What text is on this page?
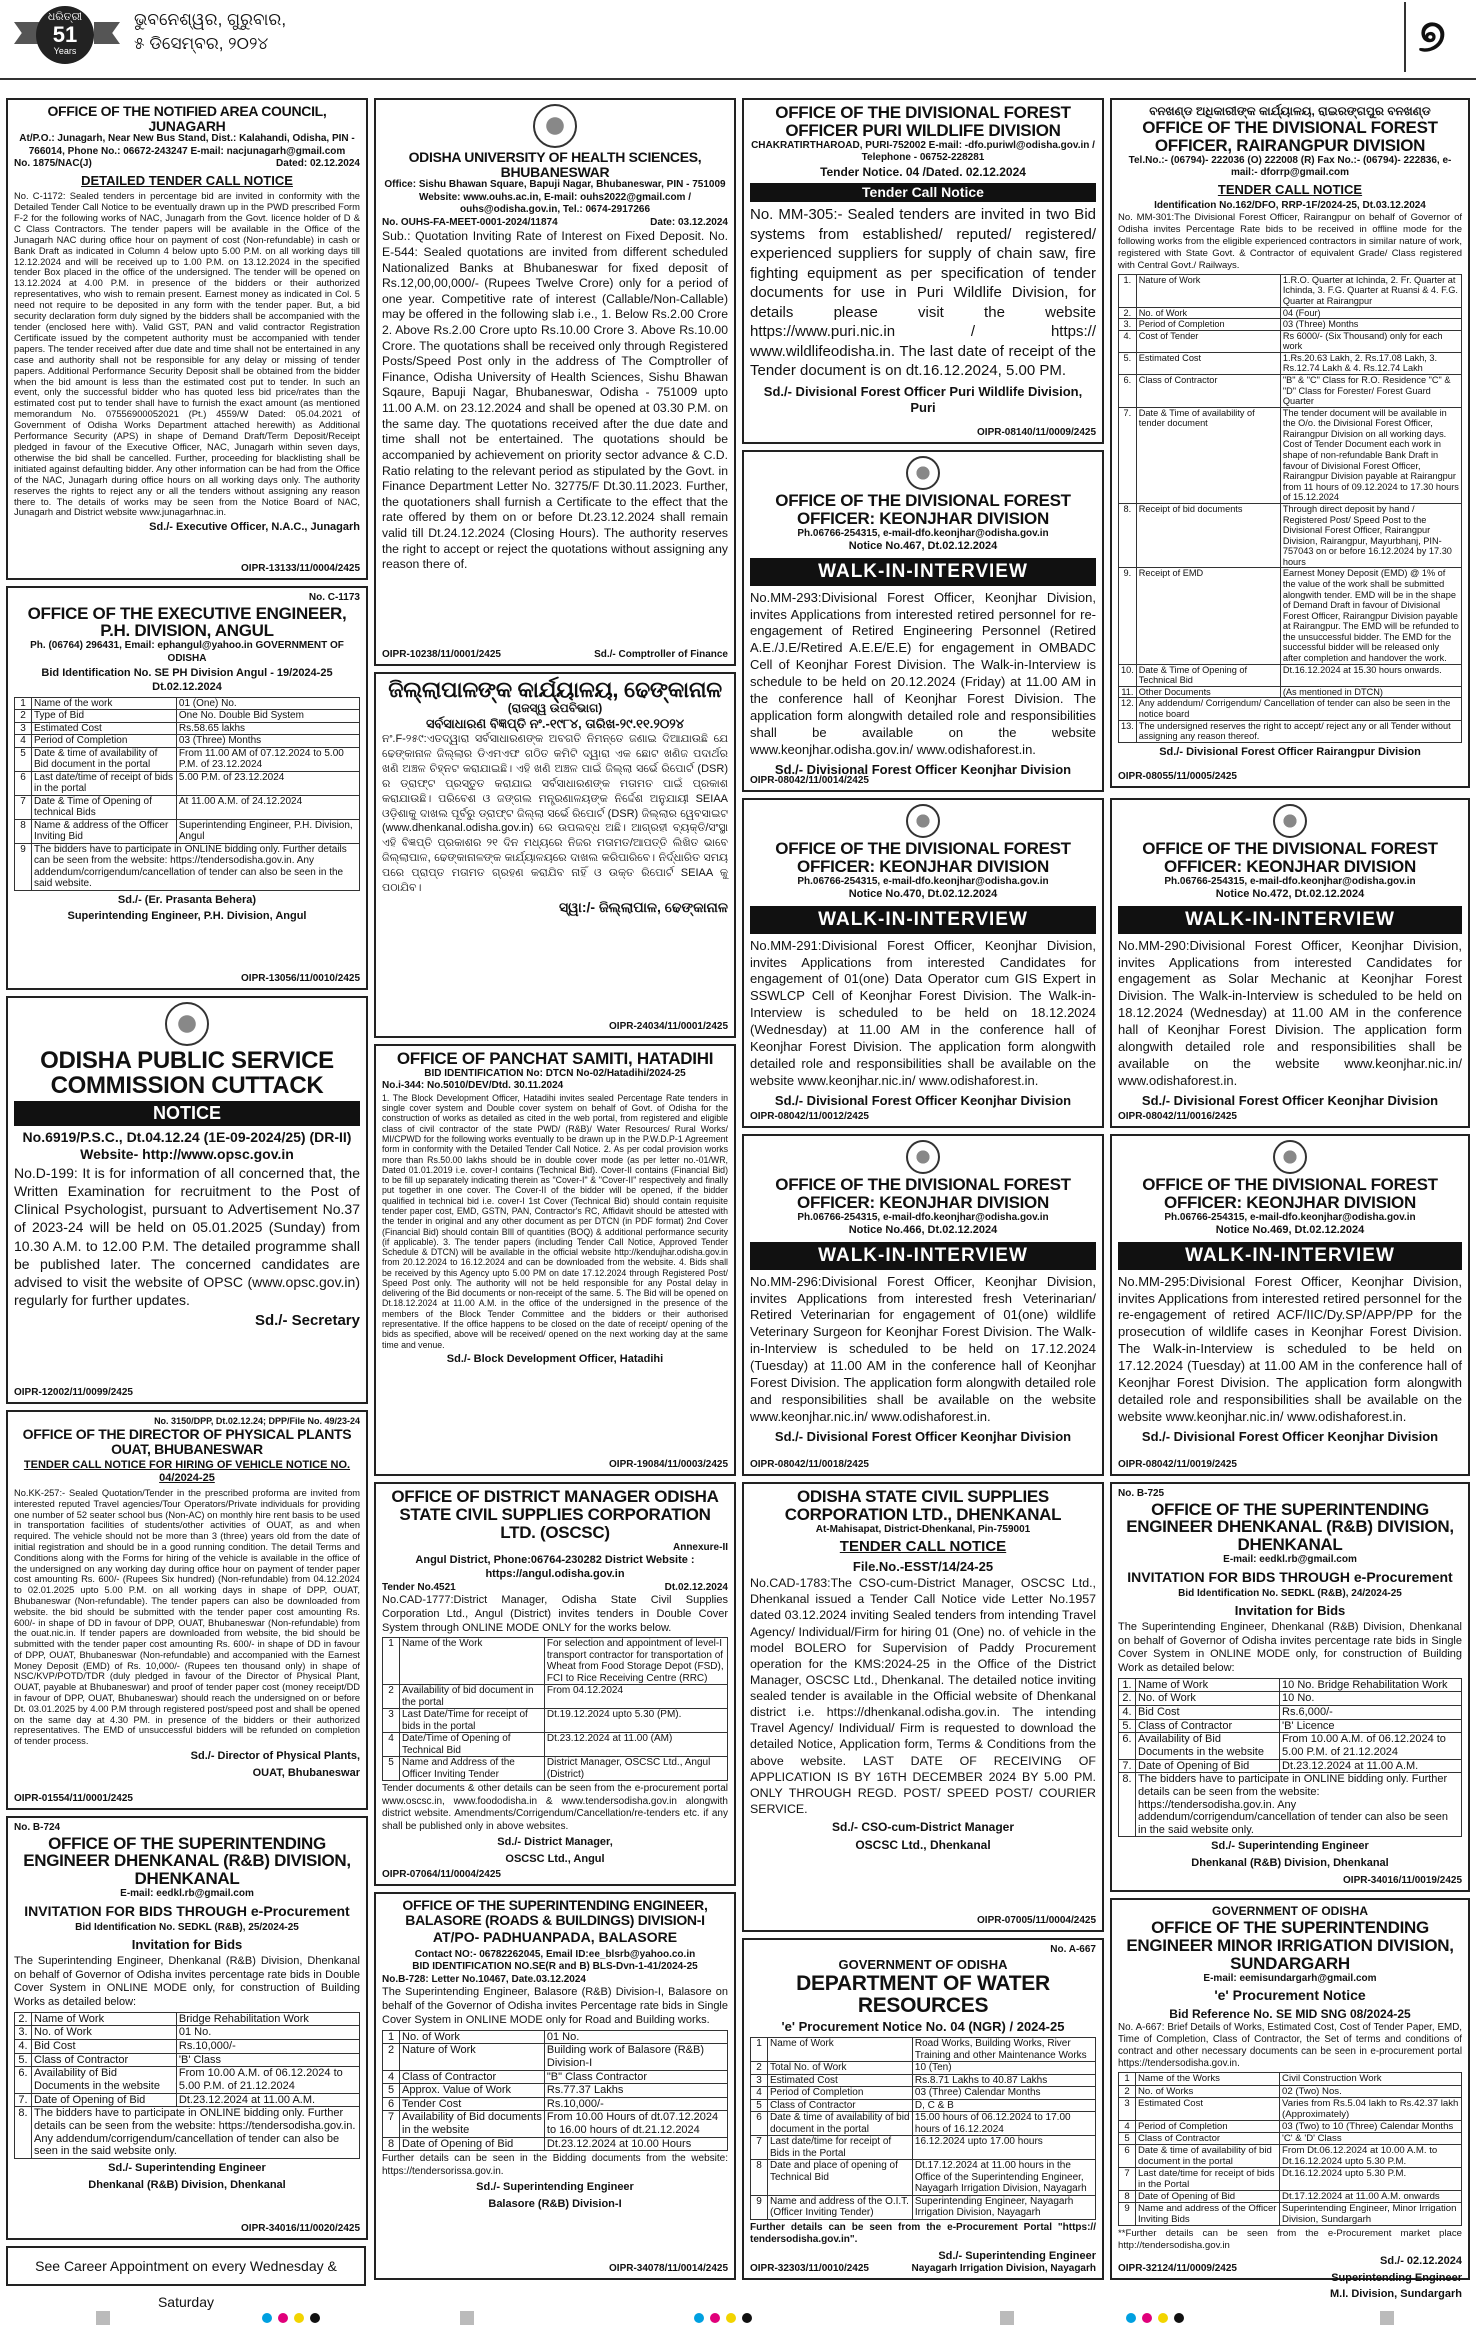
ଧରିତ୍ରୀ
51
Years
ଭୁବନେଶ୍ୱର, ଗୁରୁବାର,
୫ ଡିସେମ୍ବର, ୨୦୨୪	୭
OFFICE OF THE NOTIFIED AREA COUNCIL, JUNAGARH
At/P.O.: Junagarh, Near New Bus Stand, Dist.: Kalahandi, Odisha, PIN - 766014, Phone No.: 06672-243247 E-mail: nacjunagarh@gmail.com
No. 1875/NAC(J)	Dated: 02.12.2024
DETAILED TENDER CALL NOTICE
No. C-1172: Sealed tenders in percentage bid are invited in conformity with the Detailed Tender Call Notice to be eventually drawn up in the PWD prescribed Form F-2 for the following works of NAC, Junagarh from the Govt. licence holder of D & C Class Contractors. The tender papers will be available in the Office of the Junagarh NAC during office hour on payment of cost (Non-refundable) in cash or Bank Draft as indicated in Column 4 below upto 5.00 P.M. on all working days till 12.12.2024 and will be received up to 1.00 P.M. on 13.12.2024 in the specified tender Box placed in the office of the undersigned. The tender will be opened on 13.12.2024 at 4.00 P.M. in presence of the bidders or their authorized representatives, who wish to remain present. Earnest money as indicated in Col. 5 need not require to be deposited in any form with the tender paper. But, a bid security declaration form duly signed by the bidders shall be accompanied with the tender (enclosed here with). Valid GST, PAN and valid contractor Registration Certificate issued by the competent authority must be accompanied with tender papers. The tender received after due date and time shall not be entertained in any case and authority shall not be responsible for any delay or missing of tender papers. Additional Performance Security Deposit shall be obtained from the bidder when the bid amount is less than the estimated cost put to tender. In such an event, only the successful bidder who has quoted less bid price/rates than the estimated cost put to tender shall have to furnish the exact amount (as mentioned memorandum No. 07556900052021 (Pt.) 4559/W Dated: 05.04.2021 of Government of Odisha Works Department attached herewith) as Additional Performance Security (APS) in shape of Demand Draft/Term Deposit/Receipt pledged in favour of the Executive Officer, NAC, Junagarh within seven days, otherwise the bid shall be cancelled. Further, proceeding for blacklisting shall be initiated against defaulting bidder. Any other information can be had from the Office of the NAC, Junagarh during office hours on all working days only. The authority reserves the rights to reject any or all the tenders without assigning any reason there to. The details of works may be seen from the Notice Board of NAC, Junagarh and District website www.junagarhnac.in.
Sd./- Executive Officer, N.A.C., Junagarh
OIPR-13133/11/0004/2425
No. C-1173
OFFICE OF THE EXECUTIVE ENGINEER, P.H. DIVISION, ANGUL
Ph. (06764) 296431, Email: ephangul@yahoo.in GOVERNMENT OF ODISHA
Bid Identification No. SE PH Division Angul - 19/2024-25 Dt.02.12.2024
1	Name of the work	01 (One) No.
2	Type of Bid	One No. Double Bid System
3	Estimated Cost	Rs.58.65 lakhs
4	Period of Completion	03 (Three) Months
5	Date & time of availability of Bid document in the portal	From 11.00 AM of 07.12.2024 to 5.00 P.M. of 23.12.2024
6	Last date/time of receipt of bids in the portal	5.00 P.M. of 23.12.2024
7	Date & Time of Opening of technical Bids	At 11.00 A.M. of 24.12.2024
8	Name & address of the Officer Inviting Bid	Superintending Engineer, P.H. Division, Angul
9	The bidders have to participate in ONLINE bidding only. Further details can be seen from the website: https://tendersodisha.gov.in. Any addendum/corrigendum/cancellation of tender can also be seen in the said website.	
Sd./- (Er. Prasanta Behera)
Superintending Engineer, P.H. Division, Angul
OIPR-13056/11/0010/2425
ODISHA PUBLIC SERVICE COMMISSION CUTTACK
NOTICE
No.6919/P.S.C., Dt.04.12.24 (1E-09-2024/25) (DR-II)
Website- http://www.opsc.gov.in
No.D-199: It is for information of all concerned that, the Written Examination for recruitment to the Post of Clinical Psychologist, pursuant to Advertisement No.37 of 2023-24 will be held on 05.01.2025 (Sunday) from 10.30 A.M. to 12.00 P.M. The detailed programme shall be published later. The concerned candidates are advised to visit the website of OPSC (www.opsc.gov.in) regularly for further updates.
Sd./- Secretary
OIPR-12002/11/0099/2425
No. 3150/DPP, Dt.02.12.24; DPP/File No. 49/23-24
OFFICE OF THE DIRECTOR OF PHYSICAL PLANTS OUAT, BHUBANESWAR
TENDER CALL NOTICE FOR HIRING OF VEHICLE NOTICE NO. 04/2024-25
No.KK-257:- Sealed Quotation/Tender in the prescribed proforma are invited from interested reputed Travel agencies/Tour Operators/Private individuals for providing one number of 52 seater school bus (Non-AC) on monthly hire rent basis to be used in transportation facilities of students/other activities of OUAT, as and when required. The vehicle should not be more than 3 (three) years old from the date of initial registration and should be in a good running condition. The detail Terms and Conditions along with the Forms for hiring of the vehicle is available in the office of the undersigned on any working day during office hour on payment of tender paper cost amounting Rs. 600/- (Rupees Six hundred) (Non-refundable) from 04.12.2024 to 02.01.2025 upto 5.00 P.M. on all working days in shape of DPP, OUAT, Bhubaneswar (Non-refundable). The tender papers can also be downloaded from website. the bid should be submitted with the tender paper cost amounting Rs. 600/- in shape of DD in favour of DPP, OUAT, Bhubaneswar (Non-refundable) from the ouat.nic.in. If tender papers are downloaded from website, the bid should be submitted with the tender paper cost amounting Rs. 600/- in shape of DD in favour of DPP, OUAT, Bhubaneswar (Non-refundable) and accompanied with the Earnest Money Deposit (EMD) of Rs. 10,000/- (Rupees ten thousand only) in shape of NSC/KVP/POTD/TDR (duly pledged in favour of the Director of Physical Plant, OUAT, payable at Bhubaneswar) and proof of tender paper cost (money receipt/DD in favour of DPP, OUAT, Bhubaneswar) should reach the undersigned on or before Dt. 03.01.2025 by 4.00 P.M through registered post/speed post and shall be opened on the same day at 4.30 PM. in presence of the bidders or their authorized representatives. The EMD of unsuccessful bidders will be refunded on completion of tender process.
Sd./- Director of Physical Plants,
OUAT, Bhubaneswar
OIPR-01554/11/0001/2425
No. B-724
OFFICE OF THE SUPERINTENDING ENGINEER DHENKANAL (R&B) DIVISION, DHENKANAL
E-mail: eedkl.rb@gmail.com
INVITATION FOR BIDS THROUGH e-Procurement
Bid Identification No. SEDKL (R&B), 25/2024-25
Invitation for Bids
The Superintending Engineer, Dhenkanal (R&B) Division, Dhenkanal on behalf of Governor of Odisha invites percentage rate bids in Double Cover System in ONLINE MODE only, for construction of Building Works as detailed below:
2.	Name of Work	Bridge Rehabilitation Work
3.	No. of Work	01 No.
4.	Bid Cost	Rs.10,000/-
5.	Class of Contractor	'B' Class
6.	Availability of Bid Documents in the website	From 10.00 A.M. of 06.12.2024 to 5.00 P.M. of 21.12.2024
7.	Date of Opening of Bid	Dt.23.12.2024 at 11.00 A.M.
8.	The bidders have to participate in ONLINE bidding only. Further details can be seen from the website: https://tendersodisha.gov.in. Any addendum/corrigendum/cancellation of tender can also be seen in the said website only.	
Sd./- Superintending Engineer
Dhenkanal (R&B) Division, Dhenkanal
OIPR-34016/11/0020/2425
See Career Appointment on every Wednesday & Saturday
ODISHA UNIVERSITY OF HEALTH SCIENCES, BHUBANESWAR
Office: Sishu Bhawan Square, Bapuji Nagar, Bhubaneswar, PIN - 751009 Website: www.ouhs.ac.in, E-mail: ouhs2022@gmail.com / ouhs@odisha.gov.in, Tel.: 0674-2917266
No. OUHS-FA-MEET-0001-2024/11874	Date: 03.12.2024
Sub.: Quotation Inviting Rate of Interest on Fixed Deposit. No. E-544: Sealed quotations are invited from different scheduled Nationalized Banks at Bhubaneswar for fixed deposit of Rs.12,00,00,000/- (Rupees Twelve Crore) only for a period of one year. Competitive rate of interest (Callable/Non-Callable) may be offered in the following slab i.e., 1. Below Rs.2.00 Crore 2. Above Rs.2.00 Crore upto Rs.10.00 Crore 3. Above Rs.10.00 Crore. The quotations shall be received only through Registered Posts/Speed Post only in the address of The Comptroller of Finance, Odisha University of Health Sciences, Sishu Bhawan Sqaure, Bapuji Nagar, Bhubaneswar, Odisha - 751009 upto 11.00 A.M. on 23.12.2024 and shall be opened at 03.30 P.M. on the same day. The quotations received after the due date and time shall not be entertained. The quotations should be accompanied by achievement on priority sector advance & C.D. Ratio relating to the relevant period as stipulated by the Govt. in Finance Department Letter No. 32775/F Dt.30.11.2023. Further, the quotationers shall furnish a Certificate to the effect that the rate offered by them on or before Dt.23.12.2024 shall remain valid till Dt.24.12.2024 (Closing Hours). The authority reserves the right to accept or reject the quotations without assigning any reason there of.
OIPR-10238/11/0001/2425	Sd./- Comptroller of Finance
ଜିଲ୍ଲାପାଳଙ୍କ କାର୍ଯ୍ୟାଳୟ, ଢେଙ୍କାନାଳ
(ରାଜସ୍ୱ ଉପବିଭାଗ)
ସର୍ବସାଧାରଣ ବିଜ୍ଞପ୍ତି ନଂ.-୧୯୮୪, ତାରିଖ-୨୯.୧୧.୨୦୨୪
ନଂ.F-୨୫୯:ଏତଦ୍ୱାରା ସର୍ବସାଧାରଣଙ୍କ ଅବଗତି ନିମନ୍ତେ ଜଣାଇ ଦିଆଯାଉଛି ଯେ ଢେଙ୍କାନାଳ ଜିଲ୍ଲାର ଡିଏମଏଫ ଗଠିତ କମିଟି ଦ୍ୱାରା ଏକ ଛୋଟ ଖଣିଜ ପଦାର୍ଥର ଖଣି ଅଞ୍ଚଳ ଚିହ୍ନଟ କରାଯାଇଛି। ଏହି ଖଣି ଅଞ୍ଚଳ ପାଇଁ ଜିଲ୍ଲା ସର୍ଭେ ରିପୋର୍ଟ (DSR) ର ଡ୍ରାଫ୍ଟ ପ୍ରସ୍ତୁତ କରାଯାଇ ସର୍ବସାଧାରଣଙ୍କ ମତାମତ ପାଇଁ ପ୍ରକାଶ କରାଯାଉଛି। ପରିବେଶ ଓ ଜଙ୍ଗଲ ମନ୍ତ୍ରଣାଳୟଙ୍କ ନିର୍ଦ୍ଦେଶ ଅନୁଯାୟୀ SEIAA ଓଡ଼ିଶାକୁ ଦାଖଲ ପୂର୍ବରୁ ଡ୍ରାଫ୍ଟ ଜିଲ୍ଲା ସର୍ଭେ ରିପୋର୍ଟ (DSR) ଜିଲ୍ଲାର ୱେବସାଇଟ (www.dhenkanal.odisha.gov.in) ରେ ଉପଲବ୍ଧ ଅଛି। ଆଗ୍ରହୀ ବ୍ୟକ୍ତି/ସଂସ୍ଥା ଏହି ବିଜ୍ଞପ୍ତି ପ୍ରକାଶର ୨୧ ଦିନ ମଧ୍ୟରେ ନିଜର ମତାମତ/ଆପତ୍ତି ଲିଖିତ ଭାବେ ଜିଲ୍ଲାପାଳ, ଢେଙ୍କାନାଳଙ୍କ କାର୍ଯ୍ୟାଳୟରେ ଦାଖଲ କରିପାରିବେ। ନିର୍ଦ୍ଧାରିତ ସମୟ ପରେ ପ୍ରାପ୍ତ ମତାମତ ଗ୍ରହଣ କରାଯିବ ନାହିଁ ଓ ଉକ୍ତ ରିପୋର୍ଟ SEIAA କୁ ପଠାଯିବ।
ସ୍ୱା:/- ଜିଲ୍ଲାପାଳ, ଢେଙ୍କାନାଳ
OIPR-24034/11/0001/2425
OFFICE OF PANCHAT SAMITI, HATADIHI
BID IDENTIFICATION No: DTCN No-02/Hatadihi/2024-25
No.i-344: No.5010/DEV/Dtd. 30.11.2024
1. The Block Development Officer, Hatadihi invites sealed Percentage Rate tenders in single cover system and Double cover system on behalf of Govt. of Odisha for the construction of works as detailed as cited in the web portal, from registered and eligible class of civil contractor of the state PWD/ (R&B)/ Water Resources/ Rural Works/ MI/CPWD for the following works eventually to be drawn up in the P.W.D.P-1 Agreement form in conformity with the Detailed Tender Call Notice. 2. As per codal provision works more than Rs.50.00 lakhs should be in double cover mode (as per letter no.-01/WR, Dated 01.01.2019 i.e. cover-I contains (Technical Bid). Cover-II contains (Financial Bid) to be fill up separately indicating therein as "Cover-I" & "Cover-II" respectively and finally put together in one cover. The Cover-II of the bidder will be opened, if the bidder qualified in technical bid i.e. cover-I 1st Cover (Technical Bid) should contain requisite tender paper cost, EMD, GSTN, PAN, Contractor's RC, Affidavit should be attested with the tender in original and any other document as per DTCN (in PDF format) 2nd Cover (Financial Bid) should contain BIll of quantities (BOQ) & additional performance security (if applicable). 3. The tender papers (including Tender Call Notice, Approved Tender Schedule & DTCN) will be available in the official website http://kendujhar.odisha.gov.in from 20.12.2024 to 16.12.2024 and can be downloaded from the website. 4. Bids shall be received by this Agency upto 5.00 PM on date 17.12.2024 through Registered Post/ Speed Post only. The authority will not be held responsible for any Postal delay in delivering of the Bid documents or non-receipt of the same. 5. The Bid will be opened on Dt.18.12.2024 at 11.00 A.M. in the office of the undersigned in the presence of the members of the Block Tender Committee and the bidders or their authorised representative. If the office happens to be closed on the date of receipt/ opening of the bids as specified, above will be received/ opened on the next working day at the same time and venue.
Sd./- Block Development Officer, Hatadihi
OIPR-19084/11/0003/2425
OFFICE OF DISTRICT MANAGER ODISHA STATE CIVIL SUPPLIES CORPORATION LTD. (OSCSC)
Annexure-II
Angul District, Phone:06764-230282 District Website : https://angul.odisha.gov.in
Tender No.4521	Dt.02.12.2024
No.CAD-1777:District Manager, Odisha State Civil Supplies Corporation Ltd., Angul (District) invites tenders in Double Cover System through ONLINE MODE ONLY for the works below.
1	Name of the Work	For selection and appointment of level-I transport contractor for transportation of Wheat from Food Storage Depot (FSD), FCI to Rice Receiving Centre (RRC)
2	Availability of bid document in the portal	From 04.12.2024
3	Last Date/Time for receipt of bids in the portal	Dt.19.12.2024 upto 5.30 (PM).
4	Date/Time of Opening of Technical Bid	Dt.23.12.2024 at 11.00 (AM)
5	Name and Address of the Officer Inviting Tender	District Manager, OSCSC Ltd., Angul (District)
Tender documents & other details can be seen from the e-procurement portal www.oscsc.in, www.foododisha.in & www.tendersodisha.gov.in alongwith district website. Amendments/Corrigendum/Cancellation/re-tenders etc. if any shall be published only in above websites.
Sd./- District Manager,
OSCSC Ltd., Angul
OIPR-07064/11/0004/2425
OFFICE OF THE SUPERINTENDING ENGINEER, BALASORE (ROADS & BUILDINGS) DIVISION-I
AT/PO- PADHUANPADA, BALASORE
Contact NO:- 06782262045, Email ID:ee_blsrb@yahoo.co.in
BID IDENTIFICATION NO.SE(R and B) BLS-Dvn-1-41/2024-25
No.B-728: Letter No.10467, Date.03.12.2024
The Superintending Engineer, Balasore (R&B) Division-I, Balasore on behalf of the Governor of Odisha invites Percentage rate bids in Single Cover System in ONLINE MODE only for Road and Building works.
1	No. of Work	01 No.
2	Nature of Work	Building work of Balasore (R&B) Division-I
4	Class of Contractor	"B" Class Contractor
5	Approx. Value of Work	Rs.77.37 Lakhs
6	Tender Cost	Rs.10,000/-
7	Availability of Bid documents in the website	From 10.00 Hours of dt.07.12.2024 to 16.00 hours of dt.21.12.2024
8	Date of Opening of Bid	Dt.23.12.2024 at 10.00 Hours
Further details can be seen in the Bidding documents from the website: https://tendersorissa.gov.in.
Sd./- Superintending Engineer
Balasore (R&B) Division-I
OIPR-34078/11/0014/2425
OFFICE OF THE DIVISIONAL FOREST OFFICER PURI WILDLIFE DIVISION
CHAKRATIRTHAROAD, PURI-752002 E-mail: -dfo.puriwl@odisha.gov.in / Telephone - 06752-228281
Tender Notice. 04 /Dated. 02.12.2024
Tender Call Notice
No. MM-305:- Sealed tenders are invited in two Bid systems from established/ reputed/ registered/ experienced suppliers for supply of chain saw, fire fighting equipment as per specification of tender documents for use in Puri Wildlife Division, for details please visit the website https://www.puri.nic.in / https:// www.wildlifeodisha.in. The last date of receipt of the Tender document is on dt.16.12.2024, 5.00 PM.
Sd./- Divisional Forest Officer Puri Wildlife Division, Puri
OIPR-08140/11/0009/2425
OFFICE OF THE DIVISIONAL FOREST OFFICER: KEONJHAR DIVISION
Ph.06766-254315, e-mail-dfo.keonjhar@odisha.gov.in
Notice No.467, Dt.02.12.2024
WALK-IN-INTERVIEW
No.MM-293:Divisional Forest Officer, Keonjhar Division, invites Applications from interested retired personnel for re-engagement of Retired Engineering Personnel (Retired A.E./J.E/Retired A.E.E/E.E) for engagement in OMBADC Cell of Keonjhar Forest Division. The Walk-in-Interview is schedule to be held on 20.12.2024 (Friday) at 11.00 AM in the conference hall of Keonjhar Forest Division. The application form alongwith detailed role and responsibilities shall be available on the website www.keonjhar.odisha.gov.in/ www.odishaforest.in.
Sd./- Divisional Forest Officer Keonjhar Division
OIPR-08042/11/0014/2425
OFFICE OF THE DIVISIONAL FOREST OFFICER: KEONJHAR DIVISION
Ph.06766-254315, e-mail-dfo.keonjhar@odisha.gov.in
Notice No.470, Dt.02.12.2024
WALK-IN-INTERVIEW
No.MM-291:Divisional Forest Officer, Keonjhar Division, invites Applications from interested Candidates for engagement of 01(one) Data Operator cum GIS Expert in SSWLCP Cell of Keonjhar Forest Division. The Walk-in-Interview is scheduled to be held on 18.12.2024 (Wednesday) at 11.00 AM in the conference hall of Keonjhar Forest Division. The application form alongwith detailed role and responsibilities shall be available on the website www.keonjhar.nic.in/ www.odishaforest.in.
Sd./- Divisional Forest Officer Keonjhar Division
OIPR-08042/11/0012/2425
OFFICE OF THE DIVISIONAL FOREST OFFICER: KEONJHAR DIVISION
Ph.06766-254315, e-mail-dfo.keonjhar@odisha.gov.in
Notice No.466, Dt.02.12.2024
WALK-IN-INTERVIEW
No.MM-296:Divisional Forest Officer, Keonjhar Division, invites Applications from interested fresh Veterinarian/ Retired Veterinarian for engagement of 01(one) wildlife Veterinary Surgeon for Keonjhar Forest Division. The Walk-in-Interview is scheduled to be held on 17.12.2024 (Tuesday) at 11.00 AM in the conference hall of Keonjhar Forest Division. The application form alongwith detailed role and responsibilities shall be available on the website www.keonjhar.nic.in/ www.odishaforest.in.
Sd./- Divisional Forest Officer Keonjhar Division
OIPR-08042/11/0018/2425
ODISHA STATE CIVIL SUPPLIES CORPORATION LTD., DHENKANAL
At-Mahisapat, District-Dhenkanal, Pin-759001
TENDER CALL NOTICE
File.No.-ESST/14/24-25
No.CAD-1783:The CSO-cum-District Manager, OSCSC Ltd., Dhenkanal issued a Tender Call Notice vide Letter No.1957 dated 03.12.2024 inviting Sealed tenders from intending Travel Agency/ Individual/Firm for hiring 01 (One) no. of vehicle in the model BOLERO for Supervision of Paddy Procurement operation for the KMS:2024-25 in the Office of the District Manager, OSCSC Ltd., Dhenkanal. The detailed notice inviting sealed tender is available in the Official website of Dhenkanal district i.e. https://dhenkanal.odisha.gov.in. The intending Travel Agency/ Individual/ Firm is requested to download the detailed Notice, Application form, Terms & Conditions from the above website. LAST DATE OF RECEIVING OF APPLICATION IS BY 16TH DECEMBER 2024 BY 5.00 PM. ONLY THROUGH REGD. POST/ SPEED POST/ COURIER SERVICE.
Sd./- CSO-cum-District Manager
OSCSC Ltd., Dhenkanal
OIPR-07005/11/0004/2425
No. A-667
GOVERNMENT OF ODISHA
DEPARTMENT OF WATER RESOURCES
'e' Procurement Notice No. 04 (NGR) / 2024-25
1	Name of Work	Road Works, Building Works, River Training and other Maintenance Works
2	Total No. of Work	10 (Ten)
3	Estimated Cost	Rs.8.71 Lakhs to 40.87 Lakhs
4	Period of Completion	03 (Three) Calendar Months
5	Class of Contractor	D, C & B
6	Date & time of availability of bid document in the portal	15.00 hours of 06.12.2024 to 17.00 hours of 16.12.2024
7	Last date/time for receipt of Bids in the Portal	16.12.2024 upto 17.00 hours
8	Date and place of opening of Technical Bid	Dt.17.12.2024 at 11.00 hours in the Office of the Superintending Engineer, Nayagarh Irrigation Division, Nayagarh
9	Name and address of the O.I.T. (Officer Inviting Tender)	Superintending Engineer, Nayagarh Irrigation Division, Nayagarh
Further details can be seen from the e-Procurement Portal "https:// tendersodisha.gov.in".
Sd./- Superintending Engineer
OIPR-32303/11/0010/2425	Nayagarh Irrigation Division, Nayagarh
ବନଖଣ୍ଡ ଅଧିକାରୀଙ୍କ କାର୍ଯ୍ୟାଳୟ, ରାଇରଙ୍ଗପୁର ବନଖଣ୍ଡ
OFFICE OF THE DIVISIONAL FOREST OFFICER, RAIRANGPUR DIVISION
Tel.No.:- (06794)- 222036 (O) 222008 (R) Fax No.:- (06794)- 222836, e-mail:- dforrp@gmail.com
TENDER CALL NOTICE
Identification No.162/DFO, RRP-1F/2024-25, Dt.03.12.2024
No. MM-301:The Divisional Forest Officer, Rairangpur on behalf of Governor of Odisha invites Percentage Rate bids to be received in offline mode for the following works from the eligible experienced contractors in similar nature of work, registered with State Govt. & Contractor of equivalent Grade/ Class registered with Central Govt./ Railways.
1.	Nature of Work	1.R.O. Quarter at Ichinda, 2. Fr. Quarter at Ichinda, 3. F.G. Quarter at Ruansi & 4. F.G. Quarter at Rairangpur
2.	No. of Work	04 (Four)
3.	Period of Completion	03 (Three) Months
4.	Cost of Tender	Rs 6000/- (Six Thousand) only for each work
5.	Estimated Cost	1.Rs.20.63 Lakh, 2. Rs.17.08 Lakh, 3. Rs.12.74 Lakh & 4. Rs.12.74 Lakh
6.	Class of Contractor	"B" & "C" Class for R.O. Residence "C" & "D" Class for Forester/ Forest Guard Quarter
7.	Date & Time of availability of tender document	The tender document will be available in the O/o. the Divisional Forest Officer, Rairangpur Division on all working days. Cost of Tender Document each work in shape of non-refundable Bank Draft in favour of Divisional Forest Officer, Rairangpur Division payable at Rairangpur from 11 hours of 09.12.2024 to 17.30 hours of 15.12.2024
8.	Receipt of bid documents	Through direct deposit by hand / Registered Post/ Speed Post to the Divisional Forest Officer, Rairangpur Division, Rairangpur, Mayurbhanj, PIN-757043 on or before 16.12.2024 by 17.30 hours
9.	Receipt of EMD	Earnest Money Deposit (EMD) @ 1% of the value of the work shall be submitted alongwith tender. EMD will be in the shape of Demand Draft in favour of Divisional Forest Officer, Rairangpur Division payable at Rairangpur. The EMD will be refunded to the unsuccessful bidder. The EMD for the successful bidder will be released only after completion and handover the work.
10.	Date & Time of Opening of Technical Bid	Dt.16.12.2024 at 15.30 hours onwards.
11.	Other Documents	(As mentioned in DTCN)
12.	Any addendum/ Corrigendum/ Cancellation of tender can also be seen in the notice board	
13.	The undersigned reserves the right to accept/ reject any or all Tender without assigning any reason thereof.	
Sd./- Divisional Forest Officer Rairangpur Division
OIPR-08055/11/0005/2425
OFFICE OF THE DIVISIONAL FOREST OFFICER: KEONJHAR DIVISION
Ph.06766-254315, e-mail-dfo.keonjhar@odisha.gov.in
Notice No.472, Dt.02.12.2024
WALK-IN-INTERVIEW
No.MM-290:Divisional Forest Officer, Keonjhar Division, invites Applications from interested Candidates for engagement as Solar Mechanic at Keonjhar Forest Division. The Walk-in-Interview is scheduled to be held on 18.12.2024 (Wednesday) at 11.00 AM in the conference hall of Keonjhar Forest Division. The application form alongwith detailed role and responsibilities shall be available on the website www.keonjhar.nic.in/ www.odishaforest.in.
Sd./- Divisional Forest Officer Keonjhar Division
OIPR-08042/11/0016/2425
OFFICE OF THE DIVISIONAL FOREST OFFICER: KEONJHAR DIVISION
Ph.06766-254315, e-mail-dfo.keonjhar@odisha.gov.in
Notice No.469, Dt.02.12.2024
WALK-IN-INTERVIEW
No.MM-295:Divisional Forest Officer, Keonjhar Division, invites Applications from interested retired personnel for the re-engagement of retired ACF/IIC/Dy.SP/APP/PP for the prosecution of wildlife cases in Keonjhar Forest Division. The Walk-in-Interview is scheduled to be held on 17.12.2024 (Tuesday) at 11.00 AM in the conference hall of Keonjhar Forest Division. The application form alongwith detailed role and responsibilities shall be available on the website www.keonjhar.nic.in/ www.odishaforest.in.
Sd./- Divisional Forest Officer Keonjhar Division
OIPR-08042/11/0019/2425
No. B-725
OFFICE OF THE SUPERINTENDING ENGINEER DHENKANAL (R&B) DIVISION, DHENKANAL
E-mail: eedkl.rb@gmail.com
INVITATION FOR BIDS THROUGH e-Procurement
Bid Identification No. SEDKL (R&B), 24/2024-25
Invitation for Bids
The Superintending Engineer, Dhenkanal (R&B) Division, Dhenkanal on behalf of Governor of Odisha invites percentage rate bids in Single Cover System in ONLINE MODE only, for construction of Building Work as detailed below:
1.	Name of Work	10 No. Bridge Rehabilitation Work
2.	No. of Work	10 No.
4.	Bid Cost	Rs.6,000/-
5.	Class of Contractor	'B' Licence
6.	Availability of Bid Documents in the website	From 10.00 A.M. of 06.12.2024 to 5.00 P.M. of 21.12.2024
7.	Date of Opening of Bid	Dt.23.12.2024 at 11.00 A.M.
8.	The bidders have to participate in ONLINE bidding only. Further details can be seen from the website: https://tendersodisha.gov.in. Any addendum/corrigendum/cancellation of tender can also be seen in the said website only.	
Sd./- Superintending Engineer
Dhenkanal (R&B) Division, Dhenkanal
OIPR-34016/11/0019/2425
GOVERNMENT OF ODISHA
OFFICE OF THE SUPERINTENDING ENGINEER MINOR IRRIGATION DIVISION, SUNDARGARH
E-mail: eemisundargarh@gmail.com
'e' Procurement Notice
Bid Reference No. SE MID SNG 08/2024-25
No. A-667: Brief Details of Works, Estimated Cost, Cost of Tender Paper, EMD, Time of Completion, Class of Contractor, the Set of terms and conditions of contract and other necessary documents can be seen in e-procurement portal https://tendersodisha.gov.in.
1	Name of the Works	Civil Construction Work
2	No. of Works	02 (Two) Nos.
3	Estimated Cost	Varies from Rs.5.04 lakh to Rs.42.37 lakh (Approximately)
4	Period of Completion	03 (Two) to 10 (Three) Calendar Months
5	Class of Contractor	'C' & 'D' Class
6	Date & time of availability of bid document in the portal	From Dt.06.12.2024 at 10.00 A.M. to Dt.16.12.2024 upto 5.30 P.M.
7	Last date/time for receipt of bids in the Portal	Dt.16.12.2024 upto 5.30 P.M.
8	Date of Opening of Bid	Dt.17.12.2024 at 11.00 A.M. onwards
9	Name and address of the Officer Inviting Bids	Superintending Engineer, Minor Irrigation Division, Sundargarh
**Further details can be seen from the e-Procurement market place http://tendersodisha.gov.in
Sd./- 02.12.2024
Superintending Engineer
M.I. Division, Sundargarh
OIPR-32124/11/0009/2425
